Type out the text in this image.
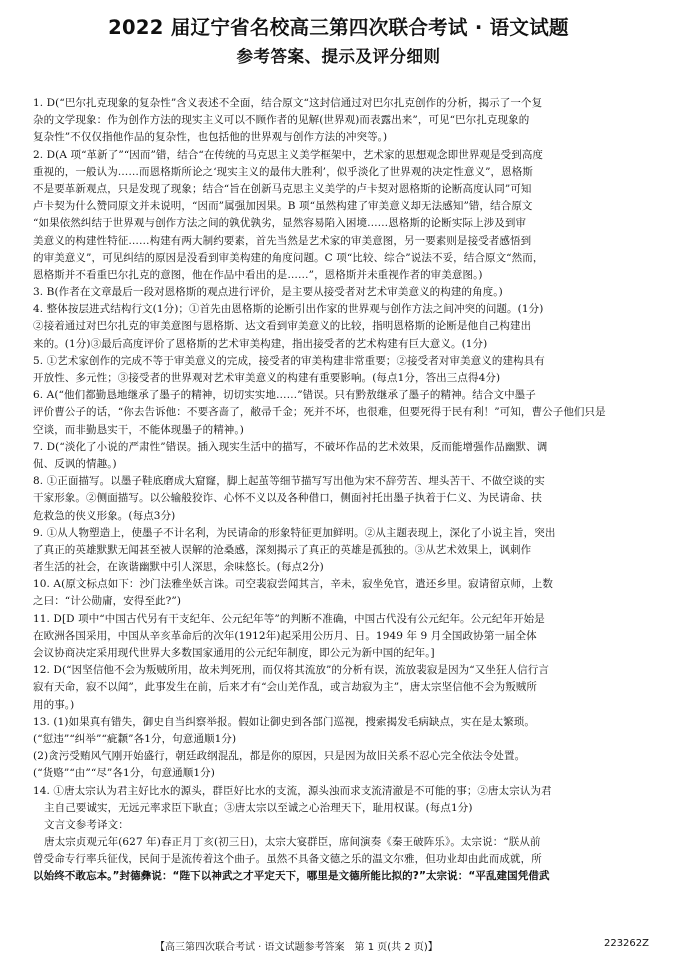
2022 届辽宁省名校高三第四次联合考试 · 语文试题
参考答案、提示及评分细则
1. D(“巴尔扎克现象的复杂性”含义表述不全面，结合原文“这封信通过对巴尔扎克创作的分析，揭示了一个复
杂的文学现象：作为创作方法的现实主义可以不顾作者的见解(世界观)而表露出来”，可见“巴尔扎克现象的
复杂性”不仅仅指他作品的复杂性，也包括他的世界观与创作方法的冲突等。)
2. D(A 项“革新了”“因而”错，结合“在传统的马克思主义美学框架中，艺术家的思想观念即世界观是受到高度
重视的，一般认为……而恩格斯所论之‘现实主义的最伟大胜利’，似乎淡化了世界观的决定性意义”，恩格斯
不是要革新观点，只是发现了现象；结合“旨在创新马克思主义美学的卢卡契对恩格斯的论断高度认同”可知
卢卡契为什么赞同原文并未说明，“因而”属强加因果。B 项“虽然构建了审美意义却无法感知”错，结合原文
“如果依然纠结于世界观与创作方法之间的孰优孰劣，显然容易陷入困境……恩格斯的论断实际上涉及到审
美意义的构建性特征……构建有两大制约要素，首先当然是艺术家的审美意图，另一要素则是接受者感悟到
的审美意义”，可见纠结的原因是没看到审美构建的角度问题。C 项“比较、综合”说法不妥，结合原文“然而，
恩格斯并不看重巴尔扎克的意图，他在作品中看出的是……”，恩格斯并未重视作者的审美意图。)
3. B(作者在文章最后一段对恩格斯的观点进行评价，是主要从接受者对艺术审美意义的构建的角度。)
4. 整体按层进式结构行文(1分)；①首先由恩格斯的论断引出作家的世界观与创作方法之间冲突的问题。(1分)
②接着通过对巴尔扎克的审美意图与恩格斯、达文看到审美意义的比较，指明恩格斯的论断是他自己构建出
来的。(1分)③最后高度评价了恩格斯的艺术审美构建，指出接受者的艺术构建有巨大意义。(1分)
5. ①艺术家创作的完成不等于审美意义的完成，接受者的审美构建非常重要；②接受者对审美意义的建构具有
开放性、多元性；③接受者的世界观对艺术审美意义的构建有重要影响。(每点1分，答出三点得4分)
6. A(“他们都勤恳地继承了墨子的精神，切切实实地……”错误。只有黔敖继承了墨子的精神。结合文中墨子
评价曹公子的话，“你去告诉他：不要吝啬了，敝帚千金；死并不坏，也很难，但要死得于民有利！”可知，曹公子他们只是
空谈，而非勤恳实干，不能体现墨子的精神。)
7. D(“淡化了小说的严肃性”错误。插入现实生活中的描写，不破坏作品的艺术效果，反而能增强作品幽默、调
侃、反讽的情趣。)
8. ①正面描写。以墨子鞋底磨成大窟窿，脚上起茧等细节描写写出他为宋不辞劳苦、埋头苦干、不做空谈的实
干家形象。②侧面描写。以公输般狡诈、心怀不义以及各种借口，侧面衬托出墨子执着于仁义、为民请命、扶
危救急的侠义形象。(每点3分)
9. ①从人物塑造上，使墨子不计名利，为民请命的形象特征更加鲜明。②从主题表现上，深化了小说主旨，突出
了真正的英雄默默无闻甚至被人误解的沧桑感，深刻揭示了真正的英雄是孤独的。③从艺术效果上，讽刺作
者生活的社会，在诙谐幽默中引人深思，余味悠长。(每点2分)
10. A(原文标点如下：沙门法雅坐妖言诛。司空裴寂尝闻其言，辛未，寂坐免官，遣还乡里。寂请留京师，上数
之曰：“计公勋庸，安得至此?”)
11. D[D 项中“中国古代另有干支纪年、公元纪年等”的判断不准确，中国古代没有公元纪年。公元纪年开始是
在欧洲各国采用，中国从辛亥革命后的次年(1912年)起采用公历月、日。1949 年 9 月全国政协第一届全体
会议协商决定采用现代世界大多数国家通用的公元纪年制度，即公元为新中国的纪年。]
12. D(“因坚信他不会为叛贼所用，故未判死刑，而仅将其流放”的分析有误，流放裴寂是因为“又坐狂人信行言
寂有天命，寂不以闻”，此事发生在前，后来才有“会山羌作乱，或言劫寂为主”，唐太宗坚信他不会为叛贼所
用的事。)
13. (1)如果真有错失，御史自当纠察举报。假如让御史到各部门巡视，搜索揭发毛病缺点，实在是太繁琐。
(“愆违”“纠举”“疵颣”各1分，句意通顺1分)
(2)贪污受贿风气刚开始盛行，朝廷政纲混乱，都是你的原因，只是因为故旧关系不忍心完全依法令处置。
(“货赂”“由”“尽”各1分，句意通顺1分)
14. ①唐太宗认为君主好比水的源头，群臣好比水的支流，源头浊而求支流清澈是不可能的事；②唐太宗认为君
主自己要诚实，无远元率求臣下耿直；③唐太宗以至诚之心治理天下，耻用权谋。(每点1分)
文言文参考译文：
唐太宗贞观元年(627 年)春正月丁亥(初三日)，太宗大宴群臣，席间演奏《秦王破阵乐》。太宗说：“朕从前
曾受命专行率兵征伐，民间于是流传着这个曲子。虽然不具备文德之乐的温文尔雅，但功业却由此而成就，所
以始终不敢忘本。”封德彝说：“陛下以神武之才平定天下，哪里是文德所能比拟的?”太宗说：“平乱建国凭借武
【高三第四次联合考试 · 语文试题参考答案　第 1 页(共 2 页)】	223262Z
